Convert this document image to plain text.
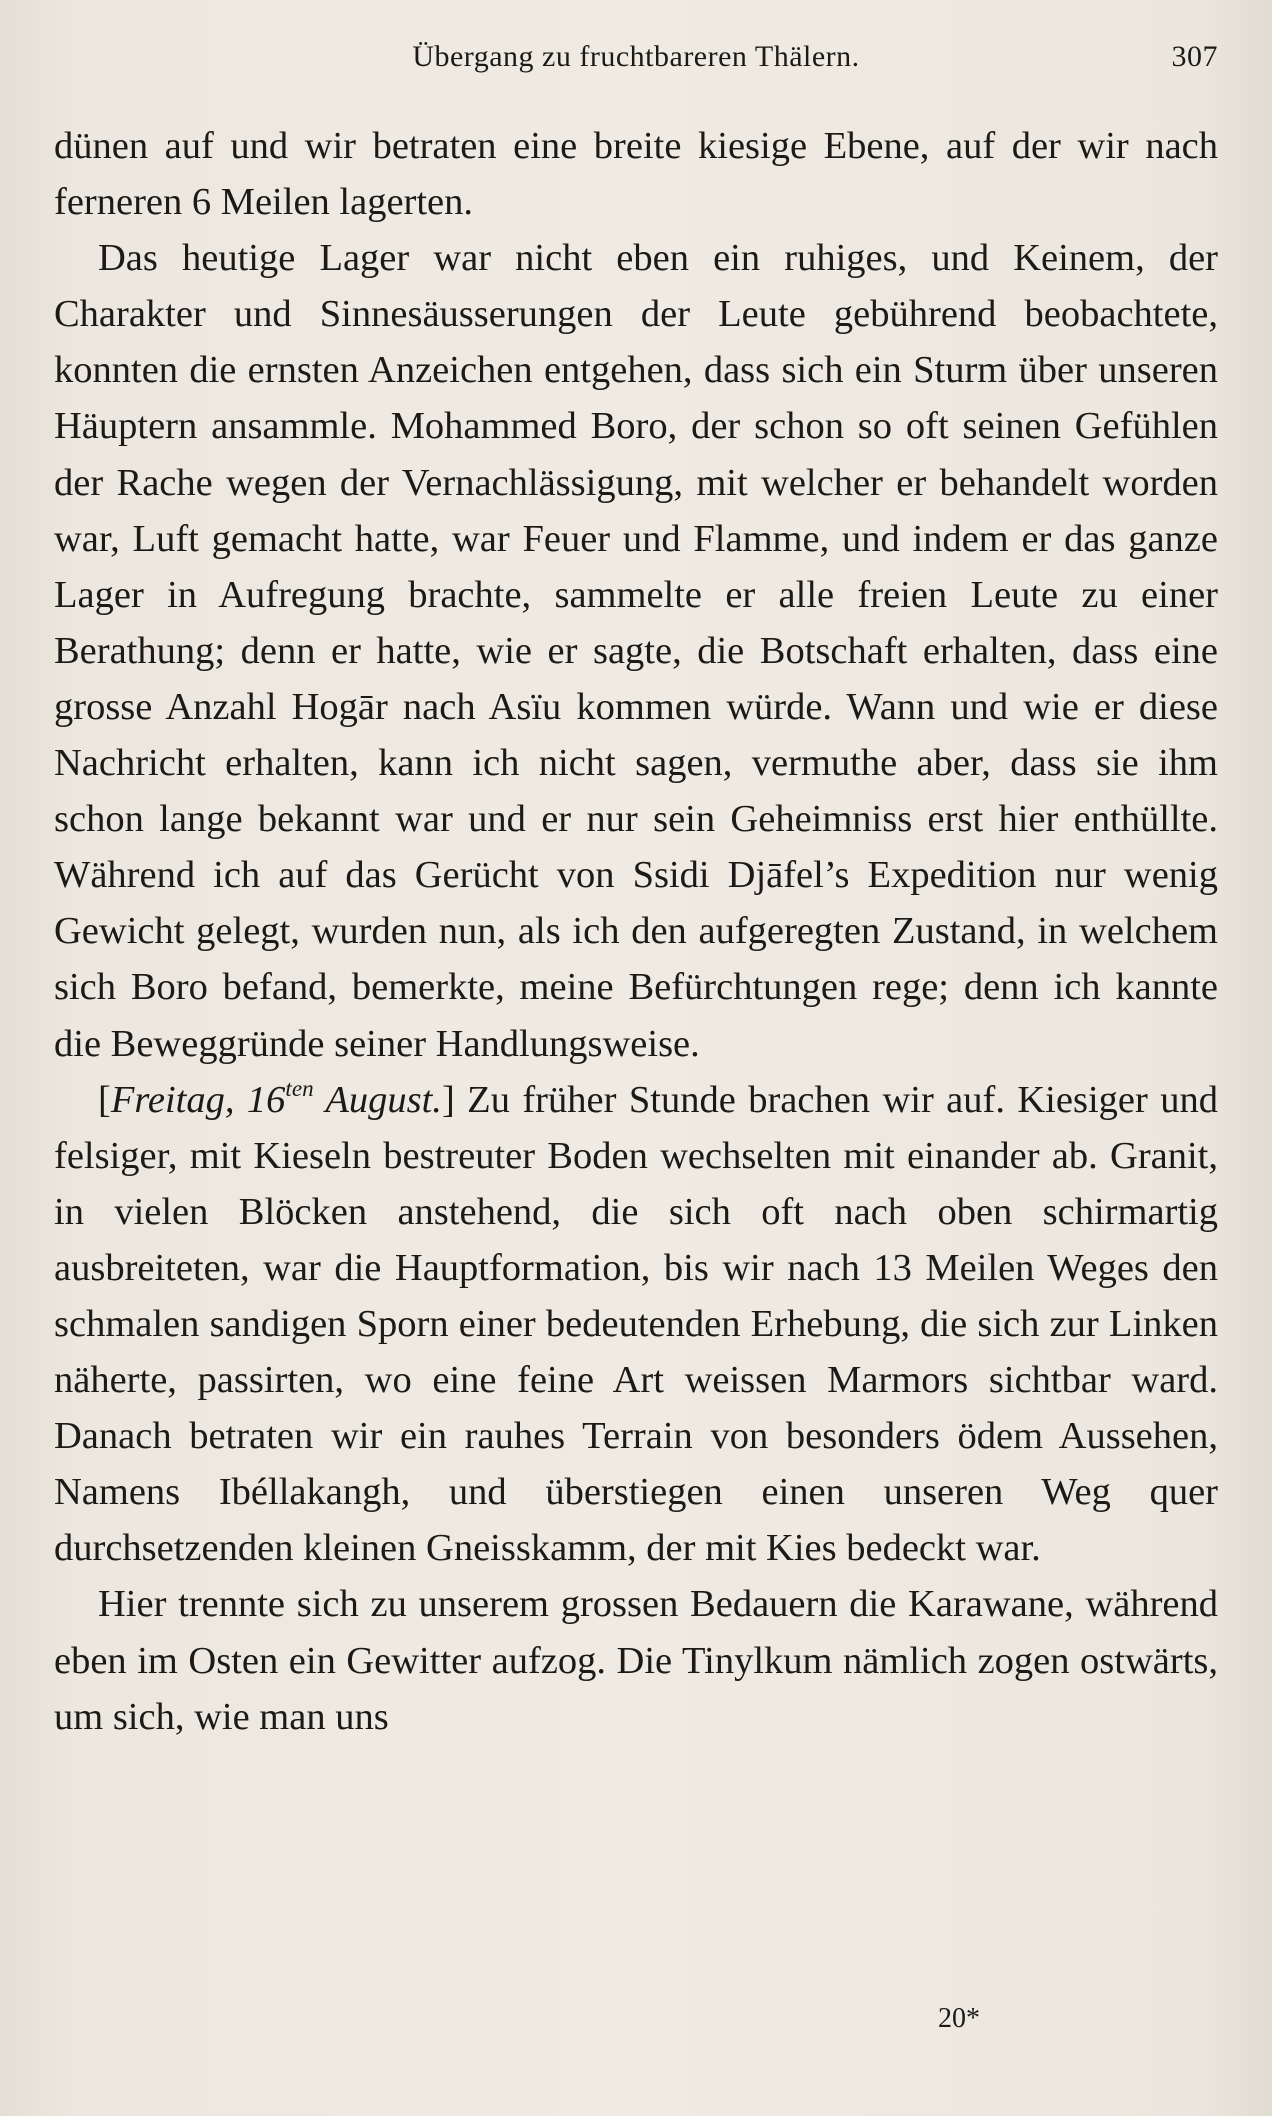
Übergang zu fruchtbareren Thälern.	307

dünen auf und wir betraten eine breite kiesige Ebene, auf der wir nach ferneren 6 Meilen lagerten.

Das heutige Lager war nicht eben ein ruhiges, und Keinem, der Charakter und Sinnesäusserungen der Leute gebührend beobachtete, konnten die ernsten Anzeichen entgehen, dass sich ein Sturm über unseren Häuptern ansammle. Mohammed Boro, der schon so oft seinen Gefühlen der Rache wegen der Vernachlässigung, mit welcher er behandelt worden war, Luft gemacht hatte, war Feuer und Flamme, und indem er das ganze Lager in Aufregung brachte, sammelte er alle freien Leute zu einer Berathung; denn er hatte, wie er sagte, die Botschaft erhalten, dass eine grosse Anzahl Hogār nach Asïu kommen würde. Wann und wie er diese Nachricht erhalten, kann ich nicht sagen, vermuthe aber, dass sie ihm schon lange bekannt war und er nur sein Geheimniss erst hier enthüllte. Während ich auf das Gerücht von Ssidi Djāfel’s Expedition nur wenig Gewicht gelegt, wurden nun, als ich den aufgeregten Zustand, in welchem sich Boro befand, bemerkte, meine Befürchtungen rege; denn ich kannte die Beweggründe seiner Handlungsweise.

[Freitag, $16^{ten}$ August.] Zu früher Stunde brachen wir auf. Kiesiger und felsiger, mit Kieseln bestreuter Boden wechselten mit einander ab. Granit, in vielen Blöcken anstehend, die sich oft nach oben schirmartig ausbreiteten, war die Hauptformation, bis wir nach 13 Meilen Weges den schmalen sandigen Sporn einer bedeutenden Erhebung, die sich zur Linken näherte, passirten, wo eine feine Art weissen Marmors sichtbar ward. Danach betraten wir ein rauhes Terrain von besonders ödem Aussehen, Namens Ibéllakangh, und überstiegen einen unseren Weg quer durchsetzenden kleinen Gneisskamm, der mit Kies bedeckt war.

Hier trennte sich zu unserem grossen Bedauern die Karawane, während eben im Osten ein Gewitter aufzog. Die Tinylkum nämlich zogen ostwärts, um sich, wie man uns

20*
